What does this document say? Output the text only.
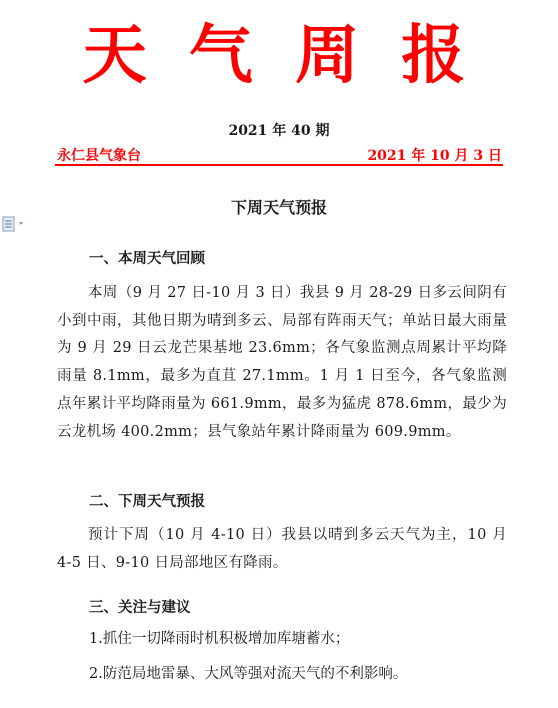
天 气 周 报
2021 年 40 期
永仁县气象台	2021 年 10 月 3 日
下周天气预报
一、本周天气回顾
本周（9 月 27 日-10 月 3 日）我县 9 月 28-29 日多云间阴有小到中雨，其他日期为晴到多云、局部有阵雨天气；单站日最大雨量为 9 月 29 日云龙芒果基地 23.6mm；各气象监测点周累计平均降雨量 8.1mm，最多为直苴 27.1mm。1 月 1 日至今，各气象监测点年累计平均降雨量为 661.9mm，最多为猛虎 878.6mm，最少为云龙机场 400.2mm；县气象站年累计降雨量为 609.9mm。
二、下周天气预报
预计下周（10 月 4-10 日）我县以晴到多云天气为主，10 月 4-5 日、9-10 日局部地区有降雨。
三、关注与建议
1.抓住一切降雨时机积极增加库塘蓄水；
2.防范局地雷暴、大风等强对流天气的不利影响。
